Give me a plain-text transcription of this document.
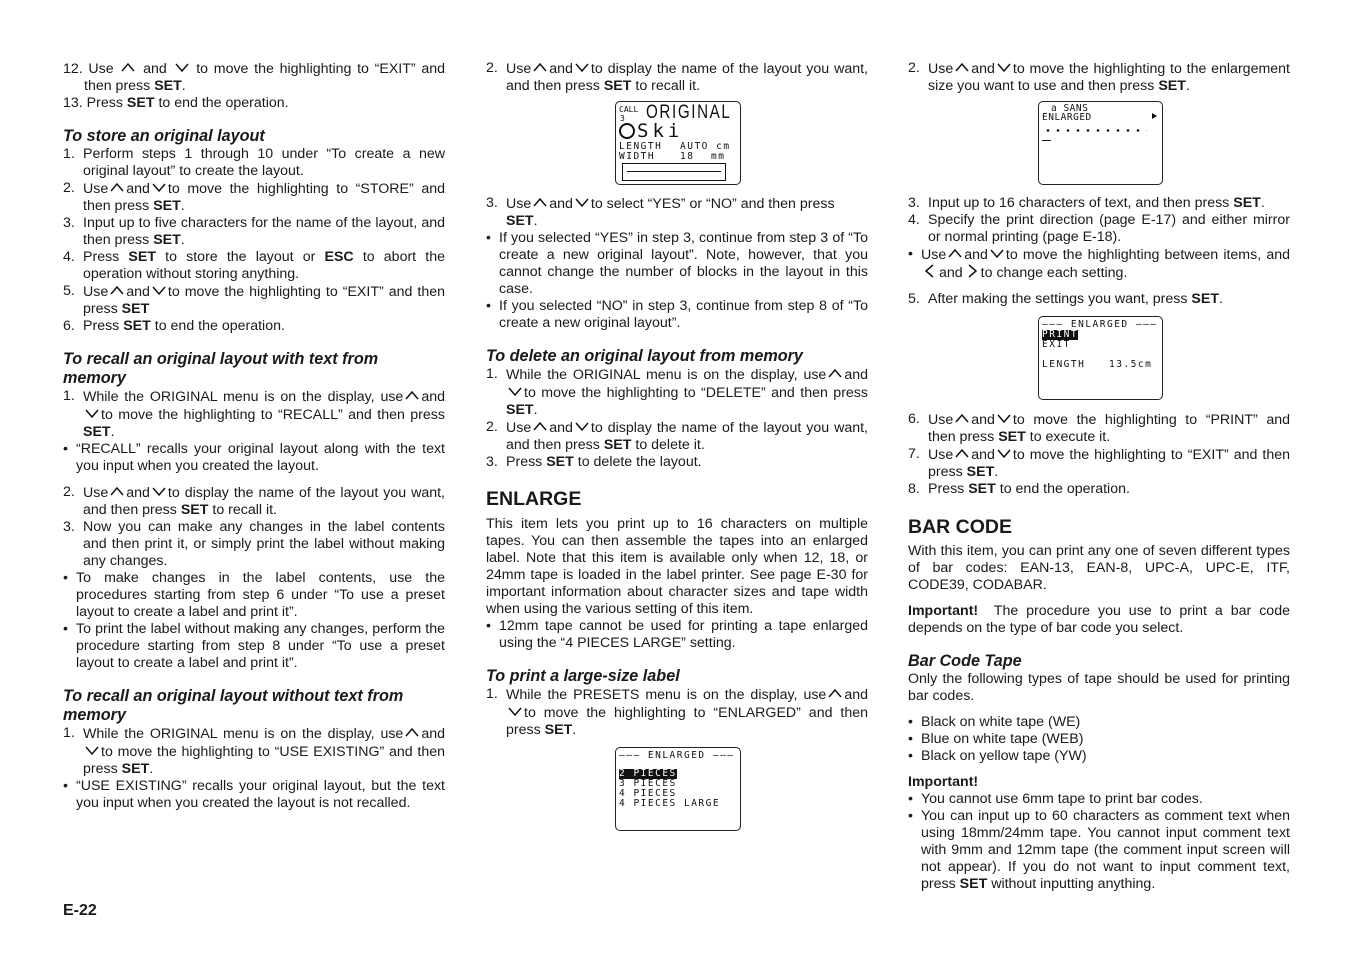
12. Use and to move the highlighting to “EXIT” and then press SET.
13. Press SET to end the operation.

To store an original layout

1. Perform steps 1 through 10 under “To create a new original layout” to create the layout.
2. Use and to move the highlighting to “STORE” and then press SET.
3. Input up to five characters for the name of the layout, and then press SET.
4. Press SET to store the layout or ESC to abort the operation without storing anything.
5. Use and to move the highlighting to “EXIT” and then press SET
6. Press SET to end the operation.

To recall an original layout with text from memory

1. While the ORIGINAL menu is on the display, use and to move the highlighting to “RECALL” and then press SET.
• “RECALL” recalls your original layout along with the text you input when you created the layout.
2. Use and to display the name of the layout you want, and then press SET to recall it.
3. Now you can make any changes in the label contents and then print it, or simply print the label without making any changes.
• To make changes in the label contents, use the procedures starting from step 6 under “To use a preset layout to create a label and print it”.
• To print the label without making any changes, perform the procedure starting from step 8 under “To use a preset layout to create a label and print it”.

To recall an original layout without text from memory

1. While the ORIGINAL menu is on the display, use and to move the highlighting to “USE EXISTING” and then press SET.
• “USE EXISTING” recalls your original layout, but the text you input when you created the layout is not recalled.
E-22
2. Use and to display the name of the layout you want, and then press SET to recall it.
CALL
3 ORIGINAL
Ski
LENGTH AUTO cm
WIDTH	18 mm
3. Use and to select “YES” or “NO” and then press
SET.
• If you selected “YES” in step 3, continue from step 3 of “To create a new original layout”. Note, however, that you cannot change the number of blocks in the layout in this case.
• If you selected “NO” in step 3, continue from step 8 of “To create a new original layout”.

To delete an original layout from memory

1. While the ORIGINAL menu is on the display, use and to move the highlighting to “DELETE” and then press SET.
2. Use and to display the name of the layout you want, and then press SET to delete it.
3. Press SET to delete the layout.

ENLARGE

This item lets you print up to 16 characters on multiple tapes. You can then assemble the tapes into an enlarged label. Note that this item is available only when 12, 18, or 24mm tape is loaded in the label printer. See page E-30 for important information about character sizes and tape width when using the various setting of this item.

• 12mm tape cannot be used for printing a tape enlarged using the “4 PIECES LARGE” setting.

To print a large-size label

1. While the PRESETS menu is on the display, use and to move the highlighting to “ENLARGED” and then press SET.
––– ENLARGED –––
2 PIECES
3 PIECES
4 PIECES
4 PIECES LARGE
2. Use and to move the highlighting to the enlargement size you want to use and then press SET.
a SANS
ENLARGED
3. Input up to 16 characters of text, and then press SET.
4. Specify the print direction (page E-17) and either mirror or normal printing (page E-18).
• Use and to move the highlighting between items, and and to change each setting.
5. After making the settings you want, press SET.
––– ENLARGED –––
PRINT
EXIT
LENGTH 13.5cm
6. Use and to move the highlighting to “PRINT” and then press SET to execute it.
7. Use and to move the highlighting to “EXIT” and then press SET.
8. Press SET to end the operation.

BAR CODE

With this item, you can print any one of seven different types of bar codes: EAN-13, EAN-8, UPC-A, UPC-E, ITF, CODE39, CODABAR.

Important! The procedure you use to print a bar code depends on the type of bar code you select.

Bar Code Tape

Only the following types of tape should be used for printing bar codes.

• Black on white tape (WE)
• Blue on white tape (WEB)
• Black on yellow tape (YW)

Important!

• You cannot use 6mm tape to print bar codes.
• You can input up to 60 characters as comment text when using 18mm/24mm tape. You cannot input comment text with 9mm and 12mm tape (the comment input screen will not appear). If you do not want to input comment text, press SET without inputting anything.
